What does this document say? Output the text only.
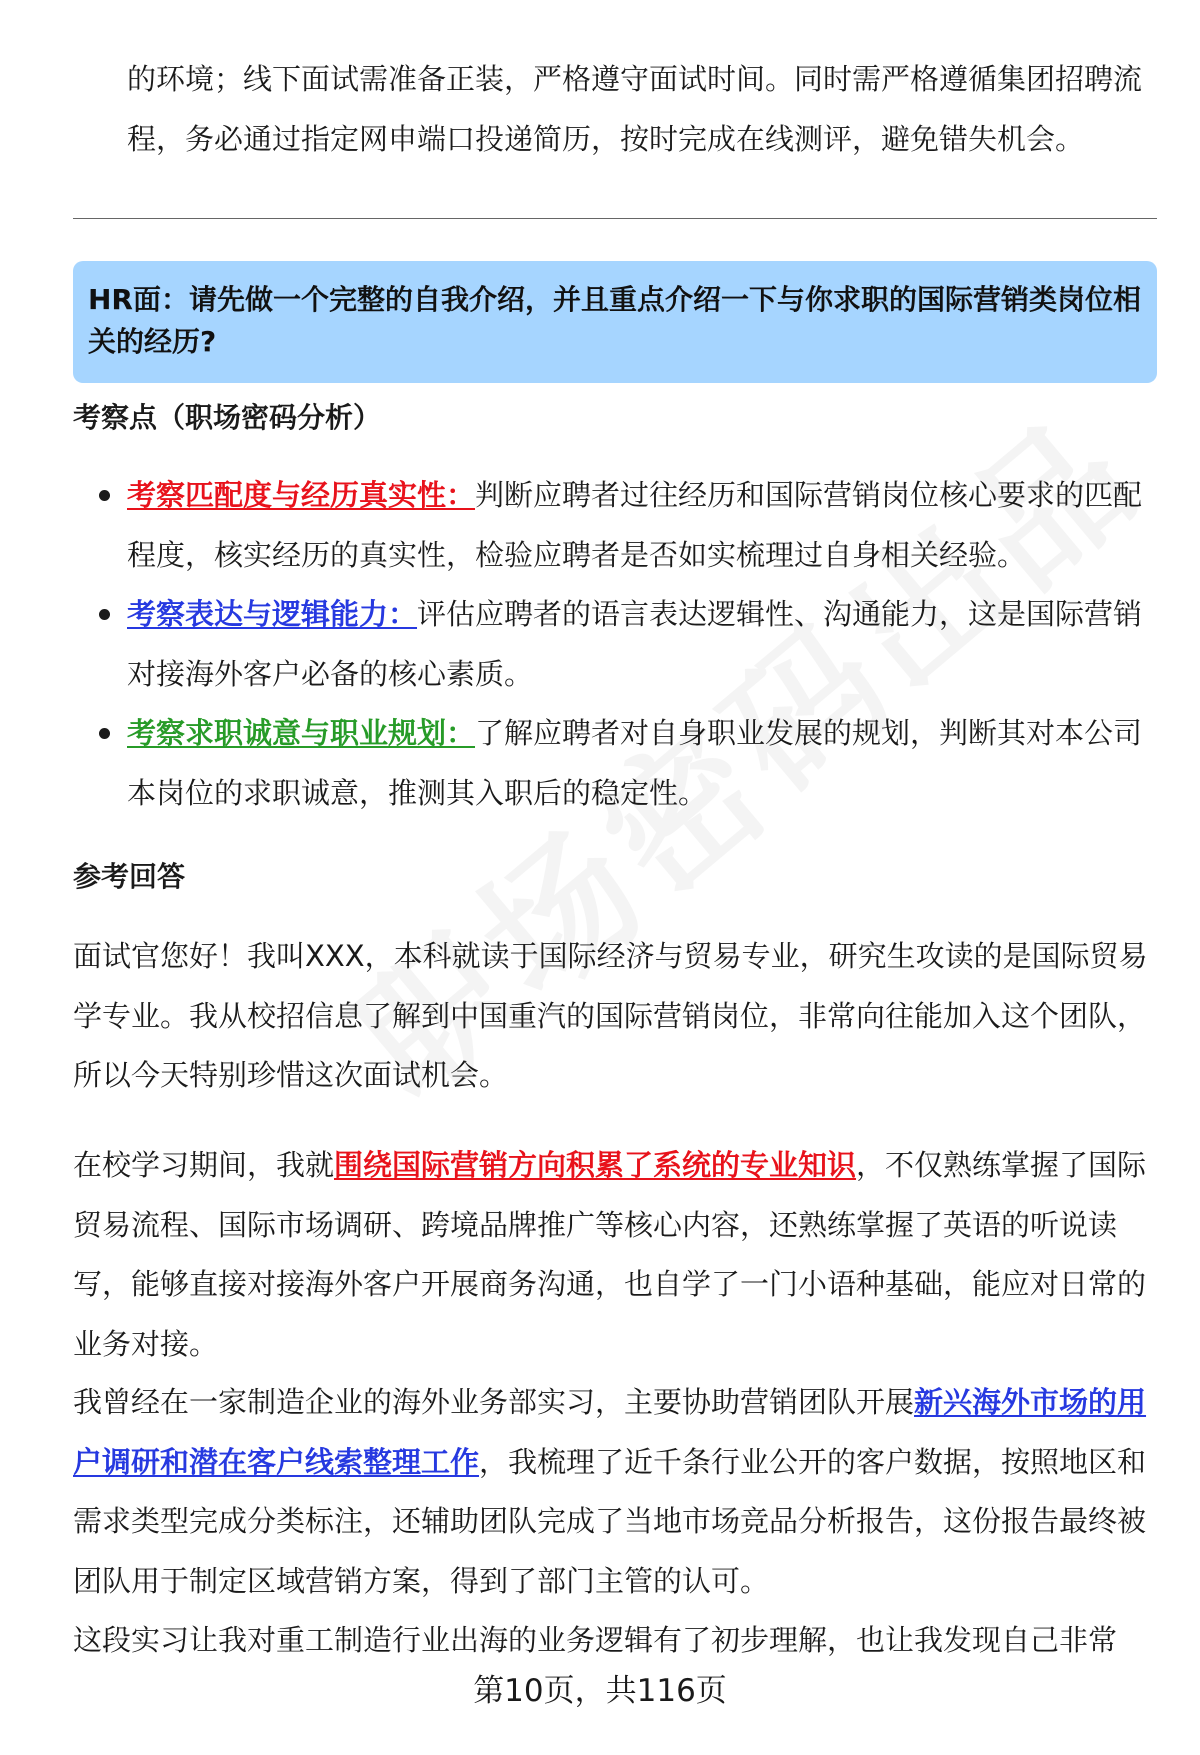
的环境；线下面试需准备正装，严格遵守面试时间。同时需严格遵循集团招聘流程，务必通过指定网申端口投递简历，按时完成在线测评，避免错失机会。

HR面：请先做一个完整的自我介绍，并且重点介绍一下与你求职的国际营销类岗位相关的经历?
考察点（职场密码分析）
考察匹配度与经历真实性：判断应聘者过往经历和国际营销岗位核心要求的匹配程度，核实经历的真实性，检验应聘者是否如实梳理过自身相关经验。
考察表达与逻辑能力：评估应聘者的语言表达逻辑性、沟通能力，这是国际营销对接海外客户必备的核心素质。
考察求职诚意与职业规划：了解应聘者对自身职业发展的规划，判断其对本公司本岗位的求职诚意，推测其入职后的稳定性。
参考回答

面试官您好！我叫XXX，本科就读于国际经济与贸易专业，研究生攻读的是国际贸易学专业。我从校招信息了解到中国重汽的国际营销岗位，非常向往能加入这个团队，所以今天特别珍惜这次面试机会。

在校学习期间，我就围绕国际营销方向积累了系统的专业知识，不仅熟练掌握了国际贸易流程、国际市场调研、跨境品牌推广等核心内容，还熟练掌握了英语的听说读写，能够直接对接海外客户开展商务沟通，也自学了一门小语种基础，能应对日常的业务对接。

我曾经在一家制造企业的海外业务部实习，主要协助营销团队开展新兴海外市场的用户调研和潜在客户线索整理工作，我梳理了近千条行业公开的客户数据，按照地区和需求类型完成分类标注，还辅助团队完成了当地市场竞品分析报告，这份报告最终被团队用于制定区域营销方案，得到了部门主管的认可。

这段实习让我对重工制造行业出海的业务逻辑有了初步理解，也让我发现自己非常

第10页，共116页
